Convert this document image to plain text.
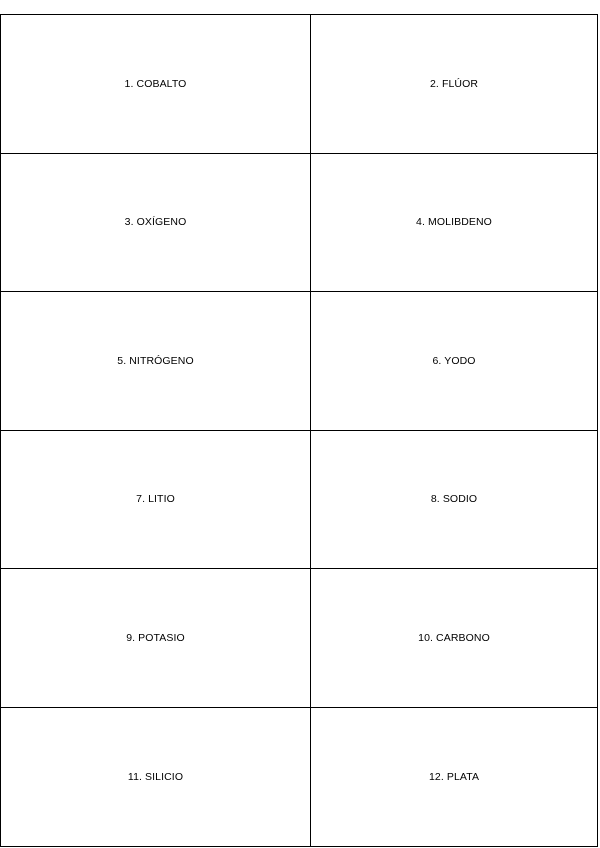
1. COBALTO	2. FLÚOR
3. OXÍGENO	4. MOLIBDENO
5. NITRÓGENO	6. YODO
7. LITIO	8. SODIO
9. POTASIO	10. CARBONO
11. SILICIO	12. PLATA
